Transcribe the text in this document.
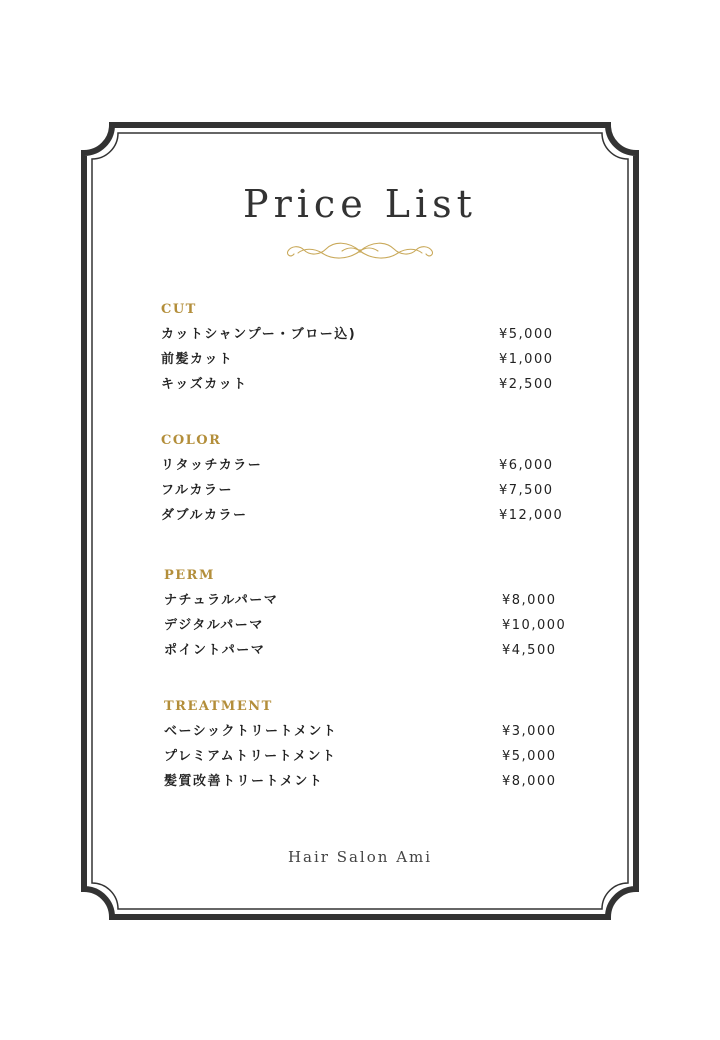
Price List
CUT
カットシャンプー・ブロー込)	¥5,000
前髪カット	¥1,000
キッズカット	¥2,500
COLOR
リタッチカラー	¥6,000
フルカラー	¥7,500
ダブルカラー	¥12,000
PERM
ナチュラルパーマ	¥8,000
デジタルパーマ	¥10,000
ポイントパーマ	¥4,500
TREATMENT
ベーシックトリートメント	¥3,000
プレミアムトリートメント	¥5,000
髪質改善トリートメント	¥8,000
Hair Salon Ami
